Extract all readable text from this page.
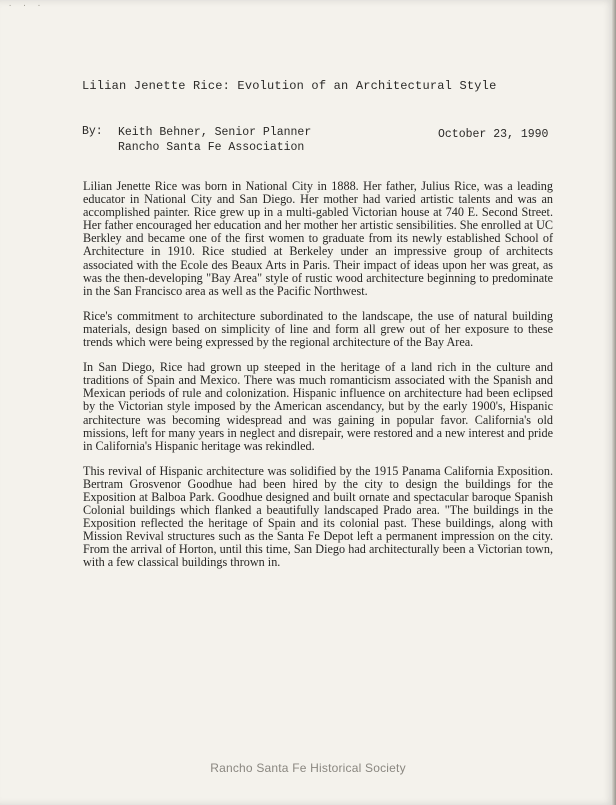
· · ·
Lilian Jenette Rice: Evolution of an Architectural Style
By: Keith Behner, Senior Planner
Rancho Santa Fe Association
October 23, 1990

Lilian Jenette Rice was born in National City in 1888. Her father, Julius Rice, was a leading educator in National City and San Diego. Her mother had varied artistic talents and was an accomplished painter. Rice grew up in a multi-gabled Victorian house at 740 E. Second Street. Her father encouraged her education and her mother her artistic sensibilities. She enrolled at UC Berkley and became one of the first women to graduate from its newly established School of Architecture in 1910. Rice studied at Berkeley under an impressive group of architects associated with the Ecole des Beaux Arts in Paris. Their impact of ideas upon her was great, as was the then-developing "Bay Area" style of rustic wood architecture beginning to predominate in the San Francisco area as well as the Pacific Northwest.

Rice's commitment to architecture subordinated to the landscape, the use of natural building materials, design based on simplicity of line and form all grew out of her exposure to these trends which were being expressed by the regional architecture of the Bay Area.

In San Diego, Rice had grown up steeped in the heritage of a land rich in the culture and traditions of Spain and Mexico. There was much romanticism associated with the Spanish and Mexican periods of rule and colonization. Hispanic influence on architecture had been eclipsed by the Victorian style imposed by the American ascendancy, but by the early 1900's, Hispanic architecture was becoming widespread and was gaining in popular favor. California's old missions, left for many years in neglect and disrepair, were restored and a new interest and pride in California's Hispanic heritage was rekindled.

This revival of Hispanic architecture was solidified by the 1915 Panama California Exposition. Bertram Grosvenor Goodhue had been hired by the city to design the buildings for the Exposition at Balboa Park. Goodhue designed and built ornate and spectacular baroque Spanish Colonial buildings which flanked a beautifully landscaped Prado area. "The buildings in the Exposition reflected the heritage of Spain and its colonial past. These buildings, along with Mission Revival structures such as the Santa Fe Depot left a permanent impression on the city. From the arrival of Horton, until this time, San Diego had architecturally been a Victorian town, with a few classical buildings thrown in.

Rancho Santa Fe Historical Society
